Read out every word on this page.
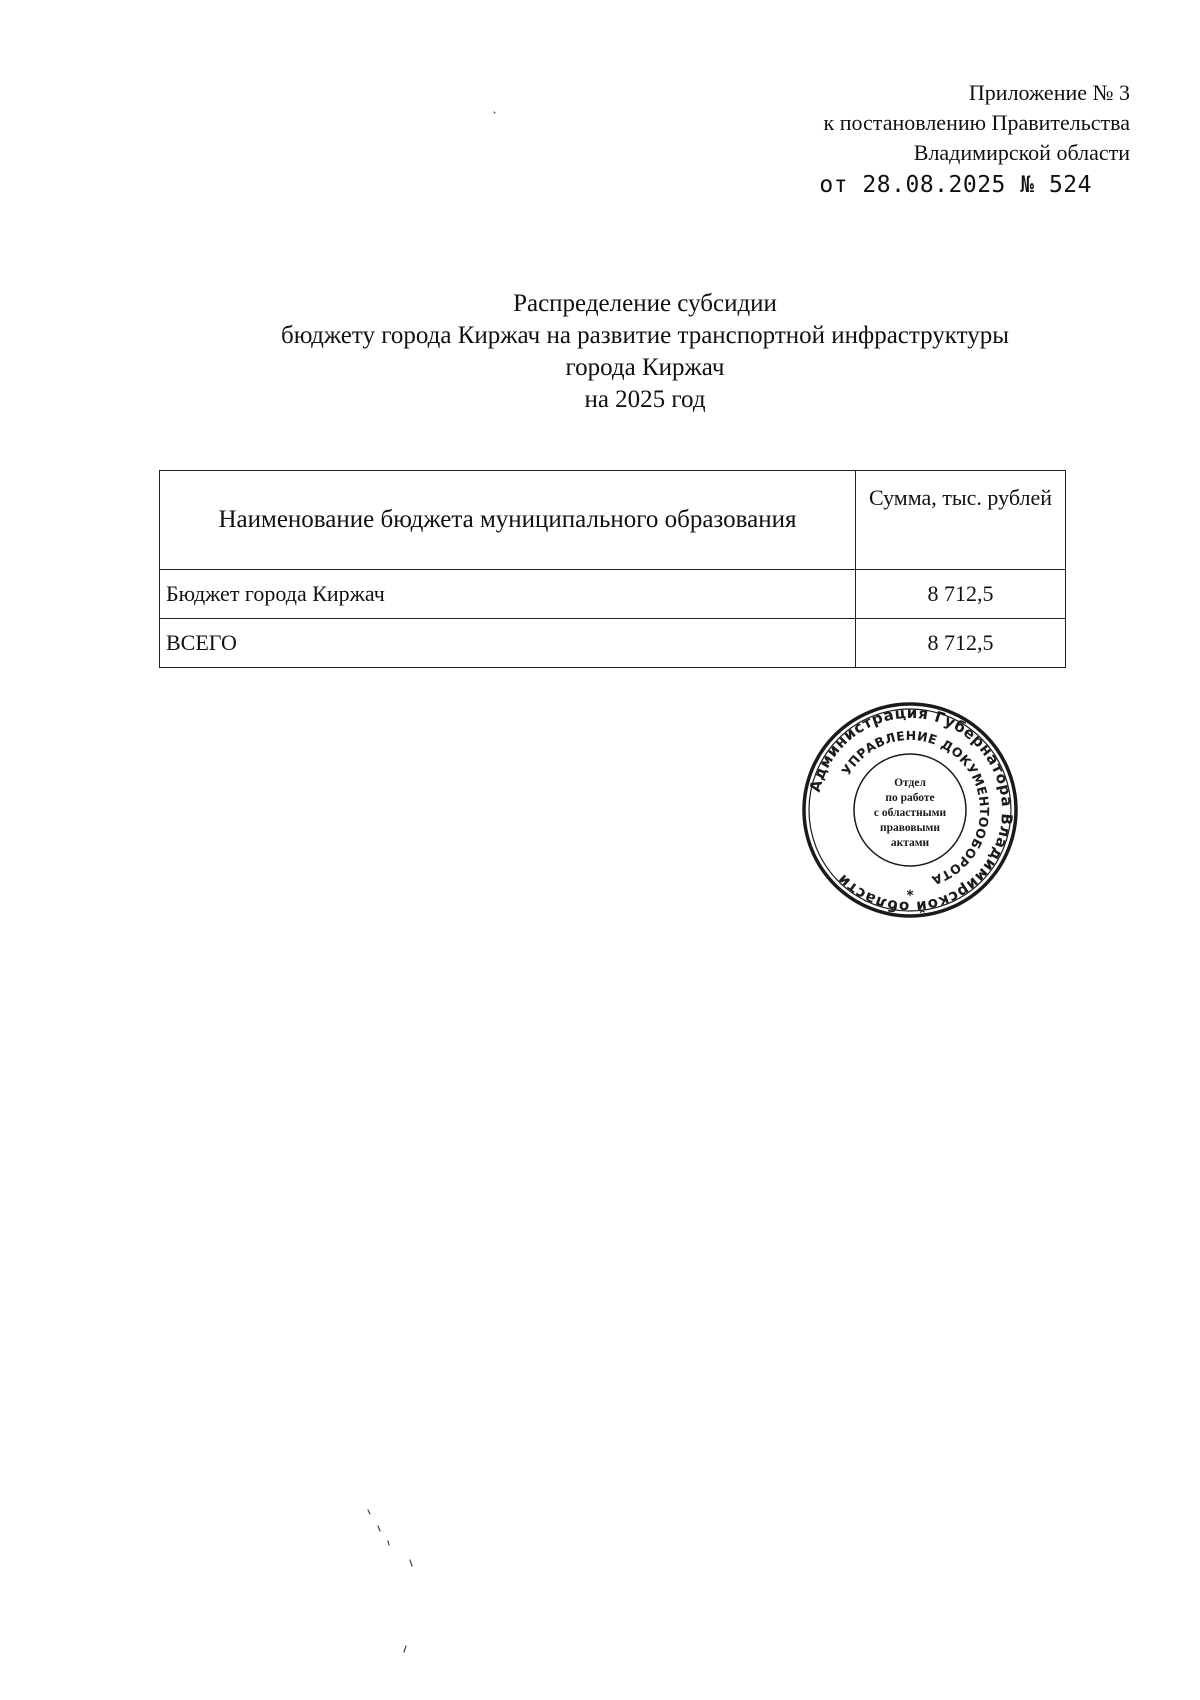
Приложение № 3
к постановлению Правительства
Владимирской области
от 28.08.2025 № 524
Распределение субсидии
бюджету города Киржач на развитие транспортной инфраструктуры
города Киржач
на 2025 год
Наименование бюджета муниципального образования	Сумма, тыс. рублей
Бюджет города Киржач	8 712,5
ВСЕГО	8 712,5
Администрация Губернатора Владимирской области
УПРАВЛЕНИЕ ДОКУМЕНТООБОРОТА
Отдел
по работе
с областными
правовыми
актами
*
